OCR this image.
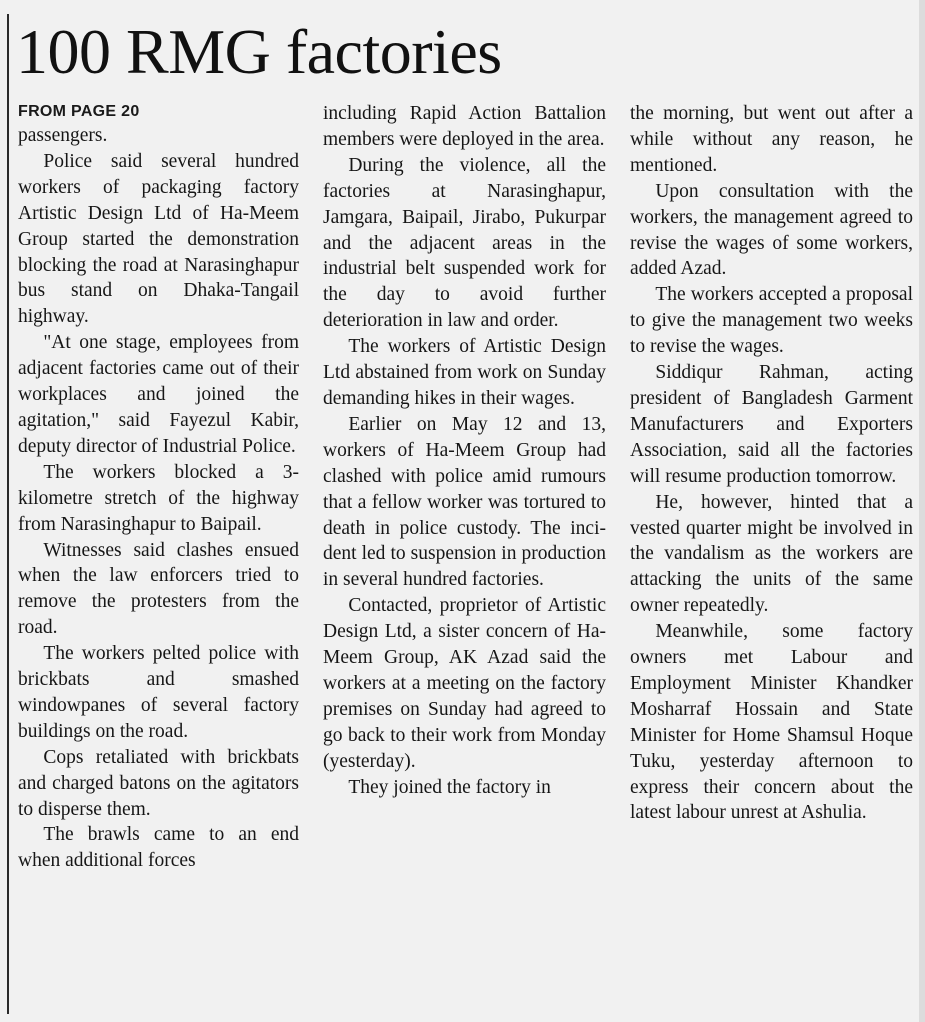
100 RMG factories
FROM PAGE 20

passengers.

Police said several hundred workers of packaging factory Artistic Design Ltd of Ha-Meem Group started the demonstration blocking the road at Narasinghapur bus stand on Dhaka-Tangail highway.

"At one stage, employees from adjacent factories came out of their workplaces and joined the agitation," said Fayezul Kabir, deputy director of Industrial Police.

The workers blocked a 3-kilometre stretch of the highway from Narasinghapur to Baipail.

Witnesses said clashes ensued when the law enforcers tried to remove the protesters from the road.

The workers pelted police with brickbats and smashed windowpanes of several factory buildings on the road.

Cops retaliated with brickbats and charged batons on the agitators to disperse them.

The brawls came to an end when additional forces

including Rapid Action Battalion members were deployed in the area.

During the violence, all the factories at Narasinghapur, Jamgara, Baipail, Jirabo, Pukurpar and the adjacent areas in the industrial belt suspended work for the day to avoid further deterioration in law and order.

The workers of Artistic Design Ltd abstained from work on Sunday demanding hikes in their wages.

Earlier on May 12 and 13, workers of Ha-Meem Group had clashed with police amid rumours that a fellow worker was tortured to death in police custody. The incident led to suspension in production in several hundred factories.

Contacted, proprietor of Artistic Design Ltd, a sister concern of Ha-Meem Group, AK Azad said the workers at a meeting on the factory premises on Sunday had agreed to go back to their work from Monday (yesterday).

They joined the factory in

the morning, but went out after a while without any reason, he mentioned.

Upon consultation with the workers, the management agreed to revise the wages of some workers, added Azad.

The workers accepted a proposal to give the management two weeks to revise the wages.

Siddiqur Rahman, acting president of Bangladesh Garment Manufacturers and Exporters Association, said all the factories will resume production tomorrow.

He, however, hinted that a vested quarter might be involved in the vandalism as the workers are attacking the units of the same owner repeatedly.

Meanwhile, some factory owners met Labour and Employment Minister Khandker Mosharraf Hossain and State Minister for Home Shamsul Hoque Tuku, yesterday afternoon to express their concern about the latest labour unrest at Ashulia.
